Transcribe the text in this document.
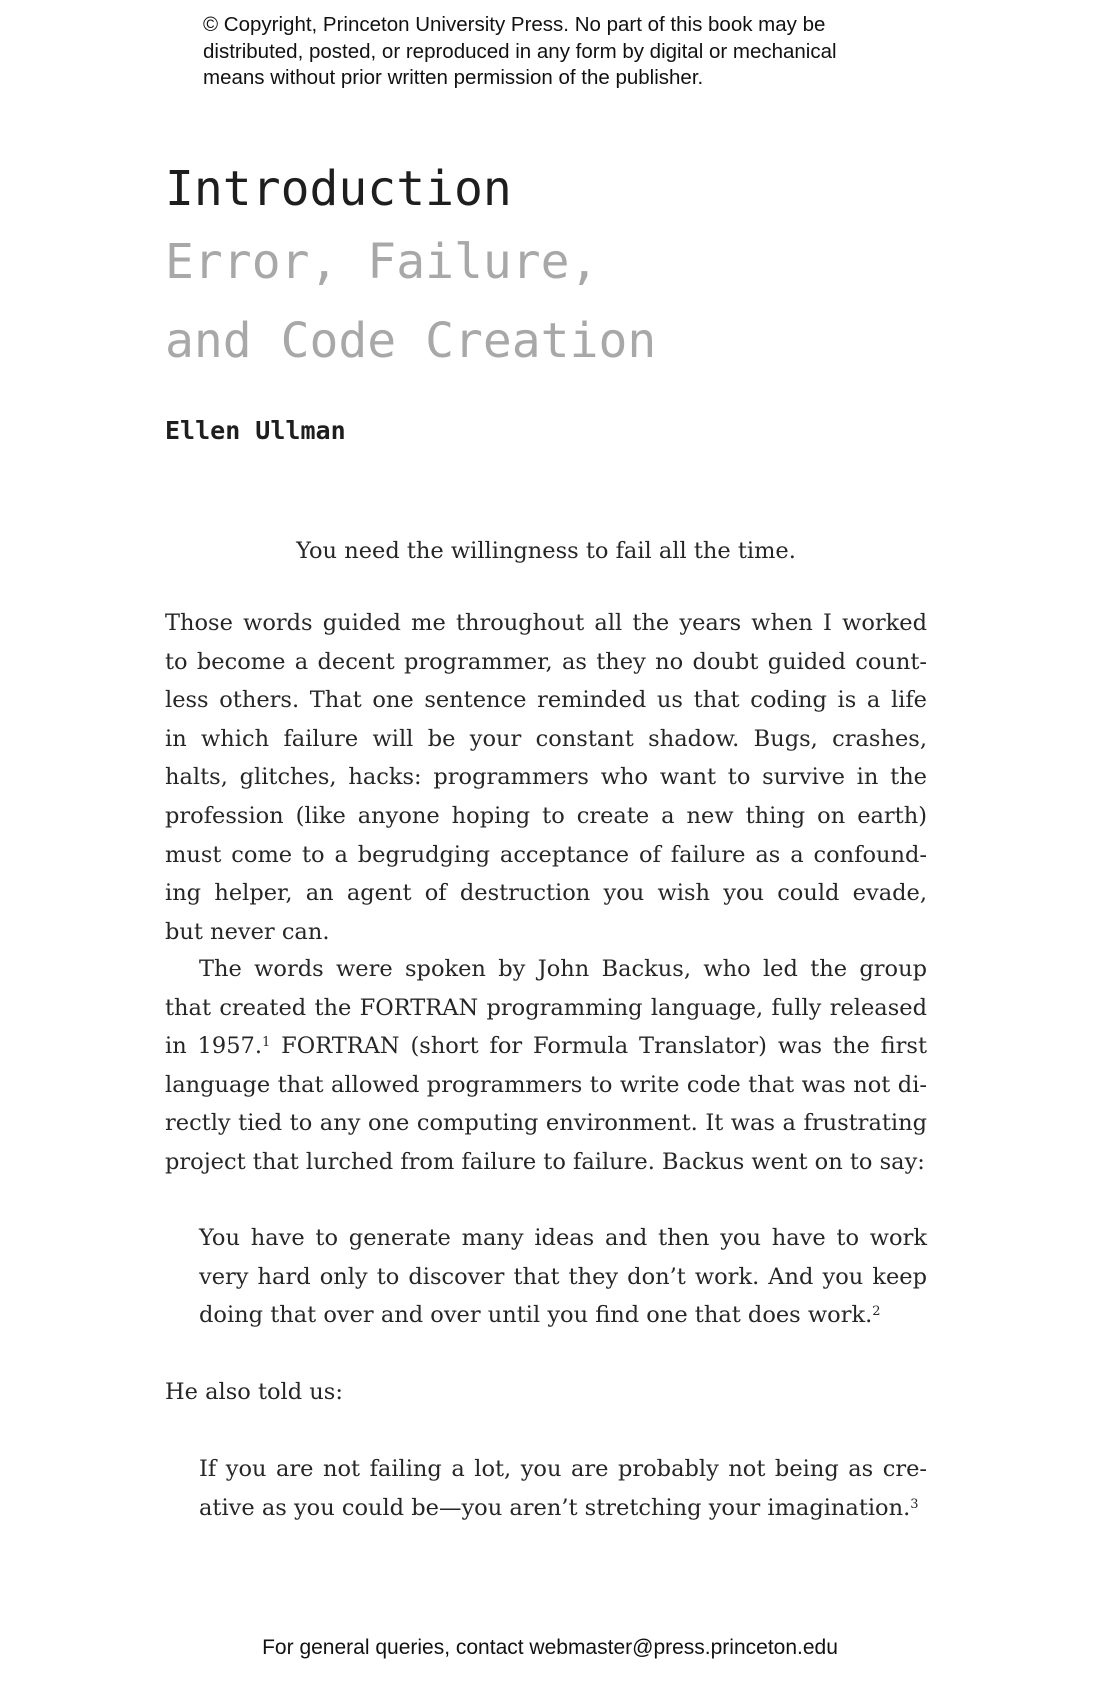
© Copyright, Princeton University Press. No part of this book may be
distributed, posted, or reproduced in any form by digital or mechanical
means without prior written permission of the publisher.
Introduction
Error, Failure,
and Code Creation
Ellen Ullman
You need the willingness to fail all the time.
Those words guided me throughout all the years when I worked
to become a decent programmer, as they no doubt guided count-
less others. That one sentence reminded us that coding is a life
in which failure will be your constant shadow. Bugs, crashes,
halts, glitches, hacks: programmers who want to survive in the
profession (like anyone hoping to create a new thing on earth)
must come to a begrudging acceptance of failure as a confound-
ing helper, an agent of destruction you wish you could evade,
but never can.
The words were spoken by John Backus, who led the group
that created the FORTRAN programming language, fully released
in 1957.$^1$ FORTRAN (short for Formula Translator) was the first
language that allowed programmers to write code that was not di-
rectly tied to any one computing environment. It was a frustrating
project that lurched from failure to failure. Backus went on to say:
You have to generate many ideas and then you have to work
very hard only to discover that they don’t work. And you keep
doing that over and over until you find one that does work.$^2$
He also told us:
If you are not failing a lot, you are probably not being as cre-
ative as you could be—you aren’t stretching your imagination.$^3$
For general queries, contact webmaster@press.princeton.edu
